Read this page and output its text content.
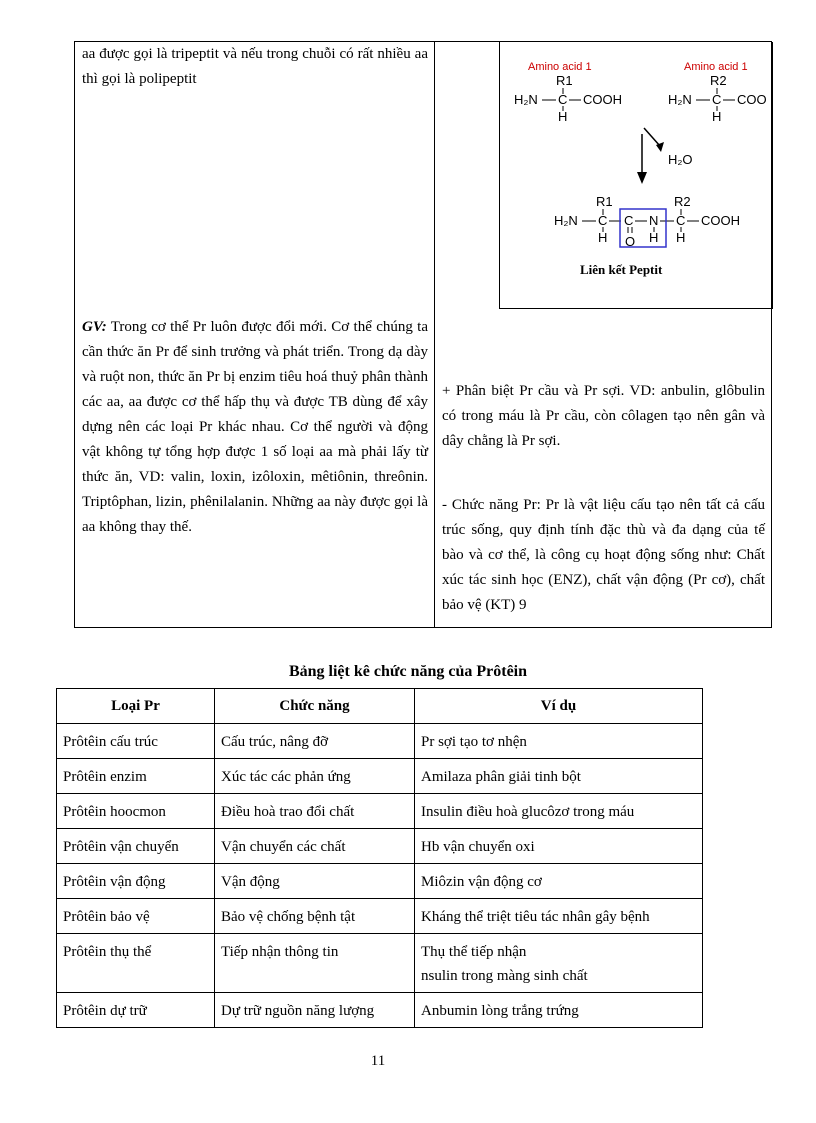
aa được gọi là tripeptit và nếu trong chuỗi có rất nhiều aa thì gọi là polipeptit
GV: Trong cơ thể Pr luôn được đổi mới. Cơ thể chúng ta cần thức ăn Pr để sinh trưởng và phát triển. Trong dạ dày và ruột non, thức ăn Pr bị enzim tiêu hoá thuỷ phân thành các aa, aa được cơ thể hấp thụ và được TB dùng để xây dựng nên các loại Pr khác nhau. Cơ thể người và động vật không tự tổng hợp được 1 số loại aa mà phải lấy từ thức ăn, VD: valin, loxin, izôloxin, mêtiônin, threônin. Triptôphan, lizin, phênilalanin. Những aa này được gọi là aa không thay thế.

Amino acid 1	Amino acid 1
R1
H₂N C COOH
H
R2
H₂N C COO
H
H₂O
R1	R2
H₂N C C N C COOH
H O H H
Liên kết Peptit
+ Phân biệt Pr cầu và Pr sợi. VD: anbulin, glôbulin có trong máu là Pr cầu, còn côlagen tạo nên gân và dây chằng là Pr sợi.
- Chức năng Pr: Pr là vật liệu cấu tạo nên tất cả cấu trúc sống, quy định tính đặc thù và đa dạng của tế bào và cơ thể, là công cụ hoạt động sống như: Chất xúc tác sinh học (ENZ), chất vận động (Pr cơ), chất bảo vệ (KT) 9
Bảng liệt kê chức năng của Prôtêin
Loại Pr	Chức năng	Ví dụ
Prôtêin cấu trúc	Cấu trúc, nâng đỡ	Pr sợi tạo tơ nhện
Prôtêin enzim	Xúc tác các phản ứng	Amilaza phân giải tinh bột
Prôtêin hoocmon	Điều hoà trao đổi chất	Insulin điều hoà glucôzơ trong máu
Prôtêin vận chuyển	Vận chuyển các chất	Hb vận chuyển oxi
Prôtêin vận động	Vận động	Miôzin vận động cơ
Prôtêin bảo vệ	Bảo vệ chống bệnh tật	Kháng thể triệt tiêu tác nhân gây bệnh
Prôtêin thụ thể	Tiếp nhận thông tin	Thụ thể tiếp nhận
nsulin trong màng sinh chất
Prôtêin dự trữ	Dự trữ nguồn năng lượng	Anbumin lòng trắng trứng
11
